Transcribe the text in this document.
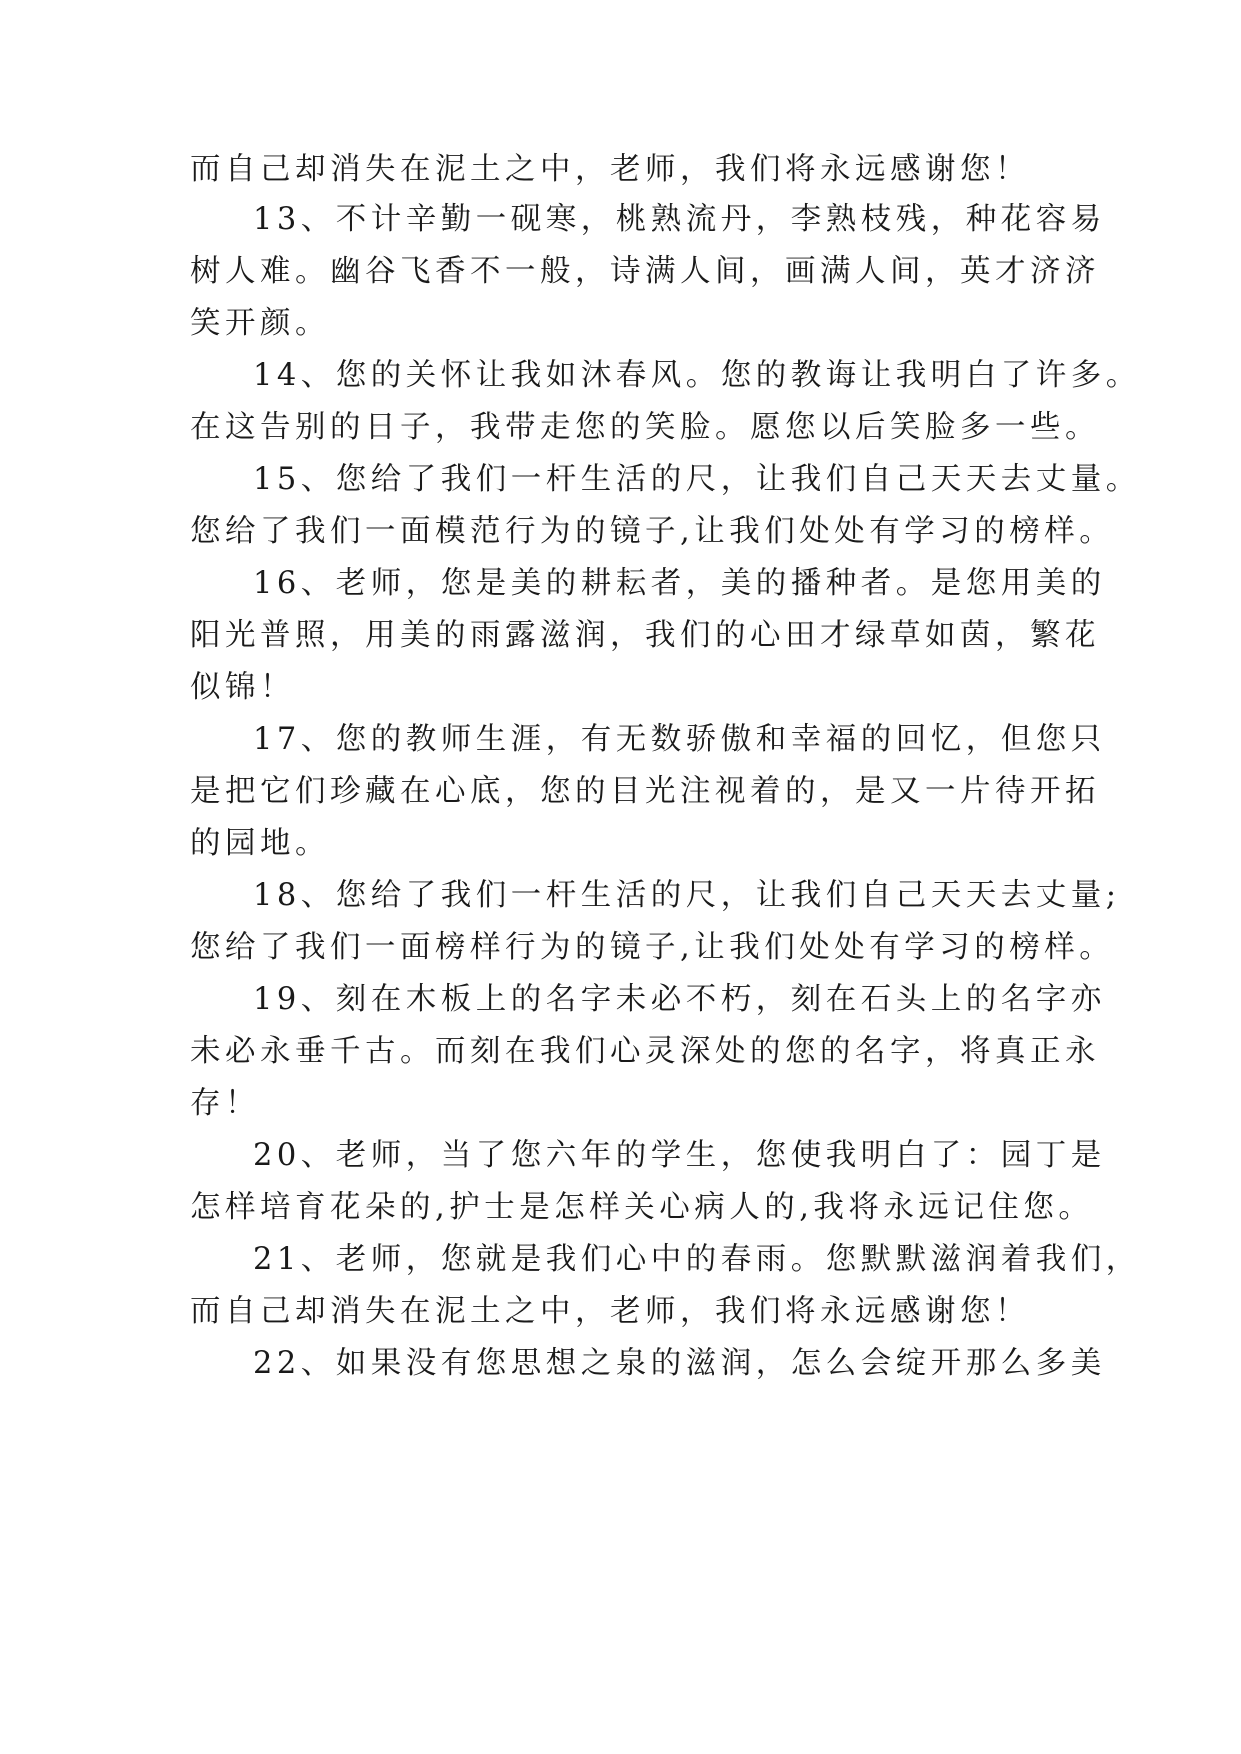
而自己却消失在泥土之中，老师，我们将永远感谢您！
13、不计辛勤一砚寒，桃熟流丹，李熟枝残，种花容易
树人难。幽谷飞香不一般，诗满人间，画满人间，英才济济
笑开颜。
14、您的关怀让我如沐春风。您的教诲让我明白了许多。
在这告别的日子，我带走您的笑脸。愿您以后笑脸多一些。
15、您给了我们一杆生活的尺，让我们自己天天去丈量。
您给了我们一面模范行为的镜子,让我们处处有学习的榜样。
16、老师，您是美的耕耘者，美的播种者。是您用美的
阳光普照，用美的雨露滋润，我们的心田才绿草如茵，繁花
似锦！
17、您的教师生涯，有无数骄傲和幸福的回忆，但您只
是把它们珍藏在心底，您的目光注视着的，是又一片待开拓
的园地。
18、您给了我们一杆生活的尺，让我们自己天天去丈量;
您给了我们一面榜样行为的镜子,让我们处处有学习的榜样。
19、刻在木板上的名字未必不朽，刻在石头上的名字亦
未必永垂千古。而刻在我们心灵深处的您的名字，将真正永
存！
20、老师，当了您六年的学生，您使我明白了：园丁是
怎样培育花朵的,护士是怎样关心病人的,我将永远记住您。
21、老师，您就是我们心中的春雨。您默默滋润着我们，
而自己却消失在泥土之中，老师，我们将永远感谢您！
22、如果没有您思想之泉的滋润，怎么会绽开那么多美
